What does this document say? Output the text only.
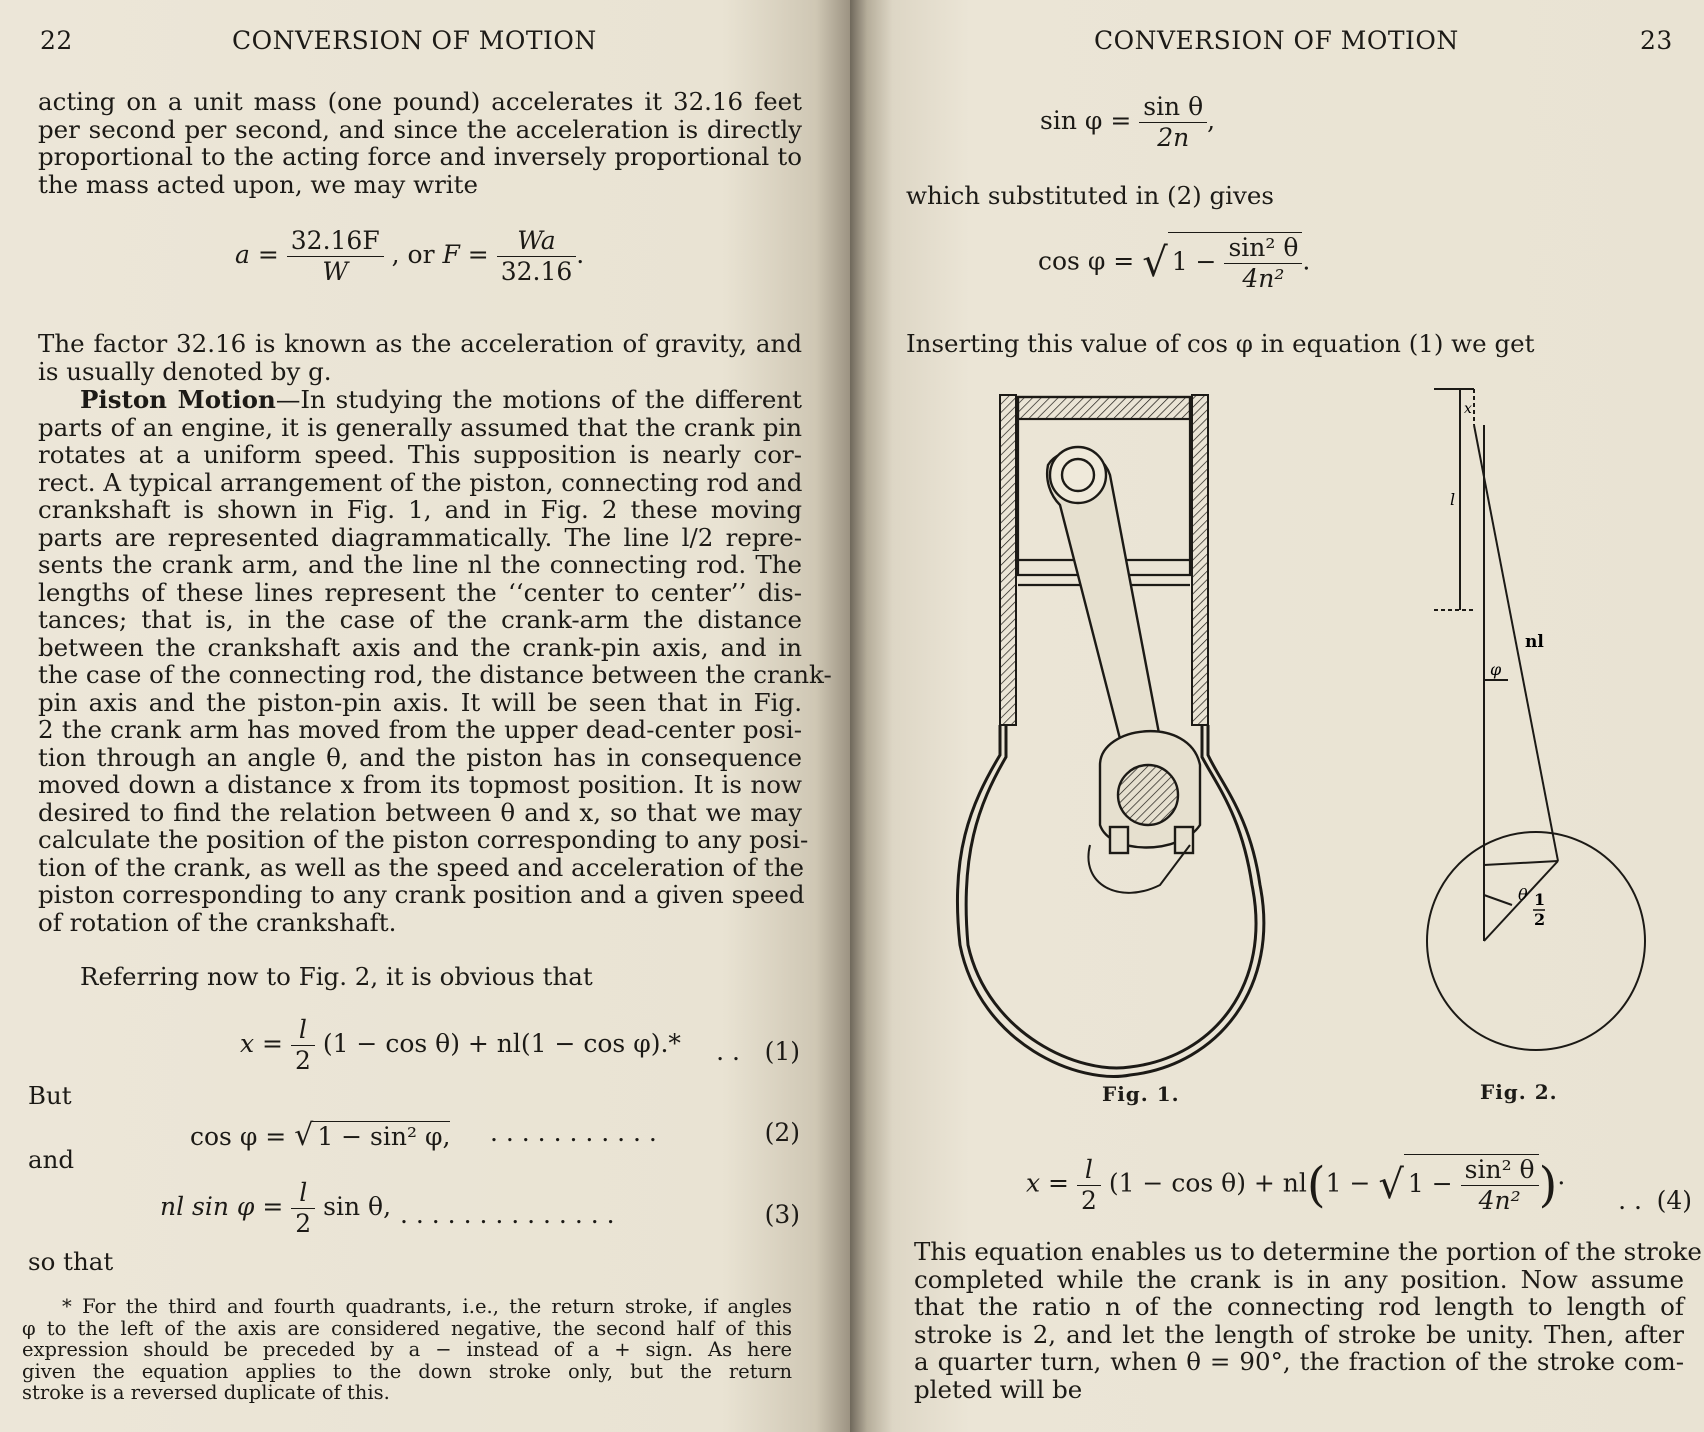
22	CONVERSION OF MOTION
acting on a unit mass (one pound) accelerates it 32.16 feet
per second per second, and since the acceleration is directly
proportional to the acting force and inversely proportional to
the mass acted upon, we may write
$a = \frac{32.16F}{W}$ , or $F = \frac{Wa}{32.16}$ .
The factor 32.16 is known as the acceleration of gravity, and
is usually denoted by g.
Piston Motion—In studying the motions of the different
parts of an engine, it is generally assumed that the crank pin
rotates at a uniform speed. This supposition is nearly cor-
rect. A typical arrangement of the piston, connecting rod and
crankshaft is shown in Fig. 1, and in Fig. 2 these moving
parts are represented diagrammatically. The line l/2 repre-
sents the crank arm, and the line nl the connecting rod. The
lengths of these lines represent the ‘‘center to center’’ dis-
tances; that is, in the case of the crank-arm the distance
between the crankshaft axis and the crank-pin axis, and in
the case of the connecting rod, the distance between the crank-
pin axis and the piston-pin axis. It will be seen that in Fig.
2 the crank arm has moved from the upper dead-center posi-
tion through an angle θ, and the piston has in consequence
moved down a distance x from its topmost position. It is now
desired to find the relation between θ and x, so that we may
calculate the position of the piston corresponding to any posi-
tion of the crank, as well as the speed and acceleration of the
piston corresponding to any crank position and a given speed
of rotation of the crankshaft.
Referring now to Fig. 2, it is obvious that
$x = \frac{l}{2} (1 - \cos \theta) + nl(1 - \cos \varphi).*$ . . (1)
But
cos φ = √ 1 − sin² φ, . . . . . . . . . . .	(2)
and
nl $\sin \varphi = \frac{l}{2}$ sin θ, . . . . . . . . . . . . . .	(3)
so that
* For the third and fourth quadrants, i.e., the return stroke, if angles
φ to the left of the axis are considered negative, the second half of this
expression should be preceded by a − instead of a + sign. As here
given the equation applies to the down stroke only, but the return
stroke is a reversed duplicate of this.
CONVERSION OF MOTION	23
$\sin \varphi = \frac{\text{sin θ}}{2n}$ ,
which substituted in (2) gives
cos φ = √ $1 - \frac{\text{sin² θ}}{\text{4n²}}$ .
Inserting this value of cos φ in equation (1) we get
x
l
nl
φ
θ 1
2
Fig. 1.	Fig. 2.
$x = \frac{l}{2} (1 - \cos \theta) + nl(1$ − √ $1 - \frac{\text{sin² θ}}{\text{4n²}}$ )·
. . (4)
This equation enables us to determine the portion of the stroke
completed while the crank is in any position. Now assume
that the ratio n of the connecting rod length to length of
stroke is 2, and let the length of stroke be unity. Then, after
a quarter turn, when θ = 90°, the fraction of the stroke com-
pleted will be
